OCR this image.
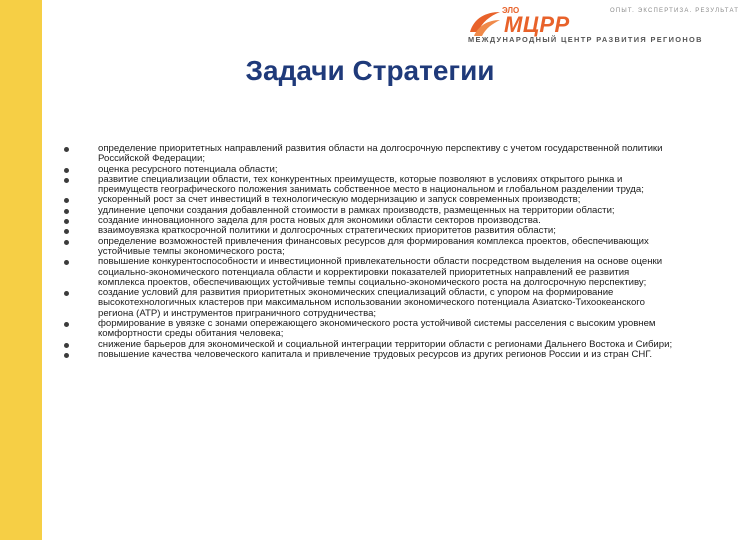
ЭЛО
МЦРР
ОПЫТ. ЭКСПЕРТИЗА. РЕЗУЛЬТАТ
МЕЖДУНАРОДНЫЙ ЦЕНТР РАЗВИТИЯ РЕГИОНОВ
Задачи Стратегии
определение приоритетных направлений развития области на долгосрочную перспективу с учетом государственной политики Российской Федерации;
оценка ресурсного потенциала области;
развитие специализации области, тех конкурентных преимуществ, которые позволяют в условиях открытого рынка и преимуществ географического положения занимать собственное место в национальном и глобальном разделении труда;
ускоренный рост за счет инвестиций в технологическую модернизацию и запуск современных производств;
удлинение цепочки создания добавленной стоимости в рамках производств, размещенных на территории области;
создание инновационного задела для роста новых для экономики области секторов производства.
взаимоувязка краткосрочной политики и долгосрочных стратегических приоритетов развития области;
определение возможностей привлечения финансовых ресурсов для формирования комплекса проектов, обеспечивающих устойчивые темпы экономического роста;
повышение конкурентоспособности и инвестиционной привлекательности области посредством выделения на основе оценки социально-экономического потенциала области и корректировки показателей приоритетных направлений ее развития комплекса проектов, обеспечивающих устойчивые темпы социально-экономического роста на долгосрочную перспективу;
создание условий для развития приоритетных экономических специализаций области, с упором на формирование высокотехнологичных кластеров при максимальном использовании экономического потенциала Азиатско-Тихоокеанского региона (АТР) и инструментов приграничного сотрудничества;
формирование в увязке с зонами опережающего экономического роста устойчивой системы расселения с высоким уровнем комфортности среды обитания человека;
снижение барьеров для экономической и социальной интеграции территории области с регионами Дальнего Востока и Сибири;
повышение качества человеческого капитала и привлечение трудовых ресурсов из других регионов России и из стран СНГ.
